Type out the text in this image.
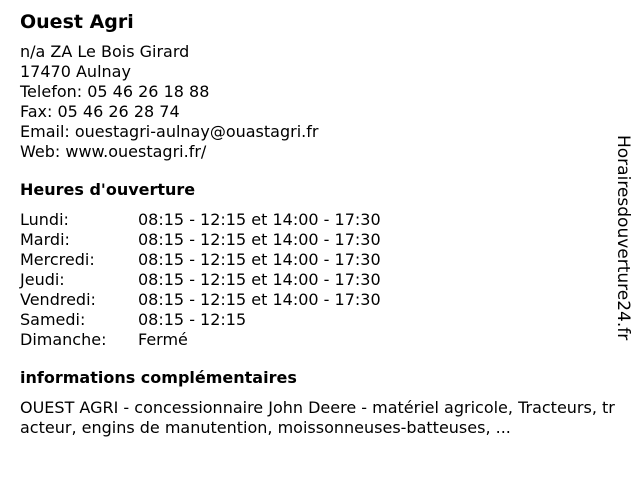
Ouest Agri
n/a ZA Le Bois Girard
17470 Aulnay
Telefon: 05 46 26 18 88
Fax: 05 46 26 28 74
Email: ouestagri-aulnay@ouastagri.fr
Web: www.ouestagri.fr/
Heures d'ouverture
Lundi:	08:15 - 12:15 et 14:00 - 17:30
Mardi:	08:15 - 12:15 et 14:00 - 17:30
Mercredi:	08:15 - 12:15 et 14:00 - 17:30
Jeudi:	08:15 - 12:15 et 14:00 - 17:30
Vendredi:	08:15 - 12:15 et 14:00 - 17:30
Samedi:	08:15 - 12:15
Dimanche:	Fermé
informations complémentaires
OUEST AGRI - concessionnaire John Deere - matériel agricole, Tracteurs, tracteur, engins de manutention, moissonneuses-batteuses, ...
Horairesdouverture24.fr
